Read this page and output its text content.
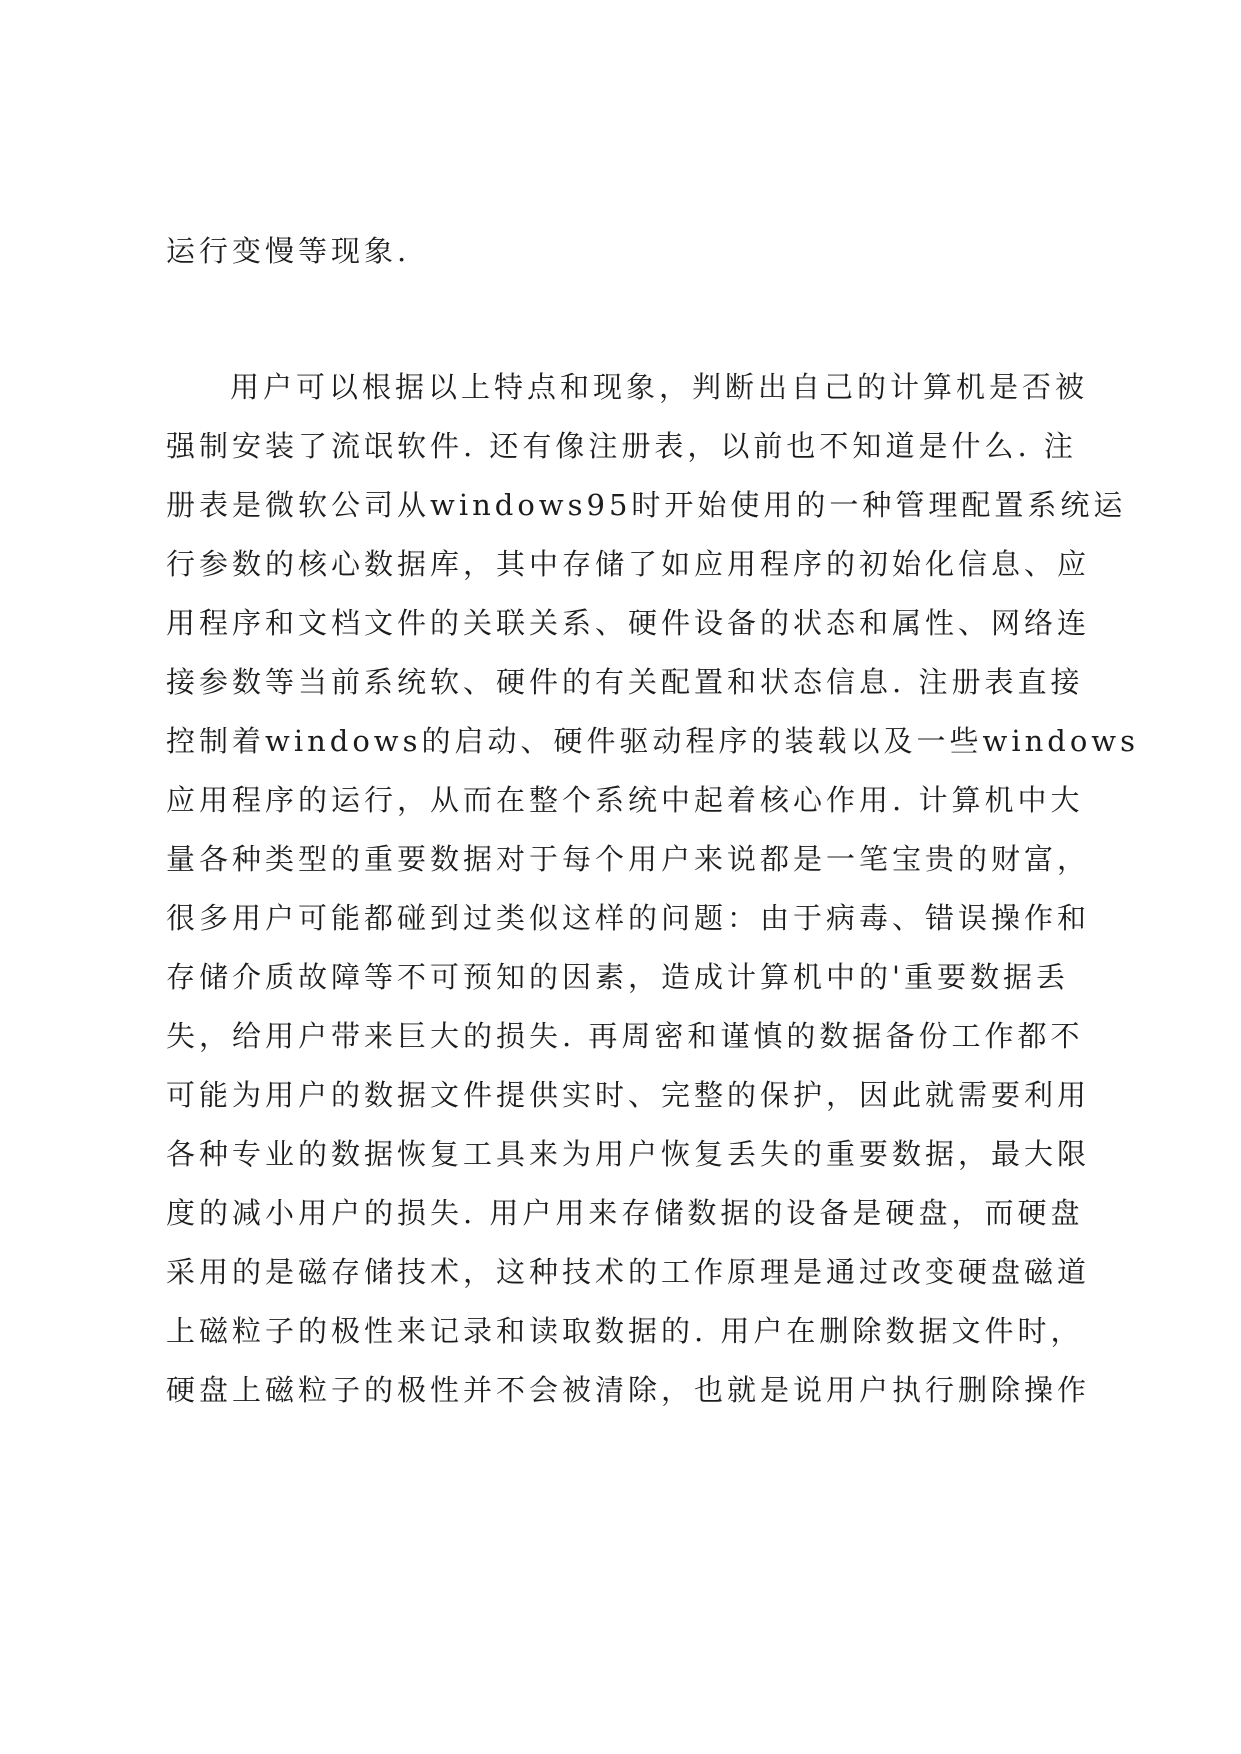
运行变慢等现象.
用户可以根据以上特点和现象，判断出自己的计算机是否被
强制安装了流氓软件. 还有像注册表，以前也不知道是什么. 注
册表是微软公司从windows95时开始使用的一种管理配置系统运
行参数的核心数据库，其中存储了如应用程序的初始化信息、应
用程序和文档文件的关联关系、硬件设备的状态和属性、网络连
接参数等当前系统软、硬件的有关配置和状态信息. 注册表直接
控制着windows的启动、硬件驱动程序的装载以及一些windows
应用程序的运行，从而在整个系统中起着核心作用. 计算机中大
量各种类型的重要数据对于每个用户来说都是一笔宝贵的财富，
很多用户可能都碰到过类似这样的问题：由于病毒、错误操作和
存储介质故障等不可预知的因素，造成计算机中的'重要数据丢
失，给用户带来巨大的损失. 再周密和谨慎的数据备份工作都不
可能为用户的数据文件提供实时、完整的保护，因此就需要利用
各种专业的数据恢复工具来为用户恢复丢失的重要数据，最大限
度的减小用户的损失. 用户用来存储数据的设备是硬盘，而硬盘
采用的是磁存储技术，这种技术的工作原理是通过改变硬盘磁道
上磁粒子的极性来记录和读取数据的. 用户在删除数据文件时，
硬盘上磁粒子的极性并不会被清除，也就是说用户执行删除操作
